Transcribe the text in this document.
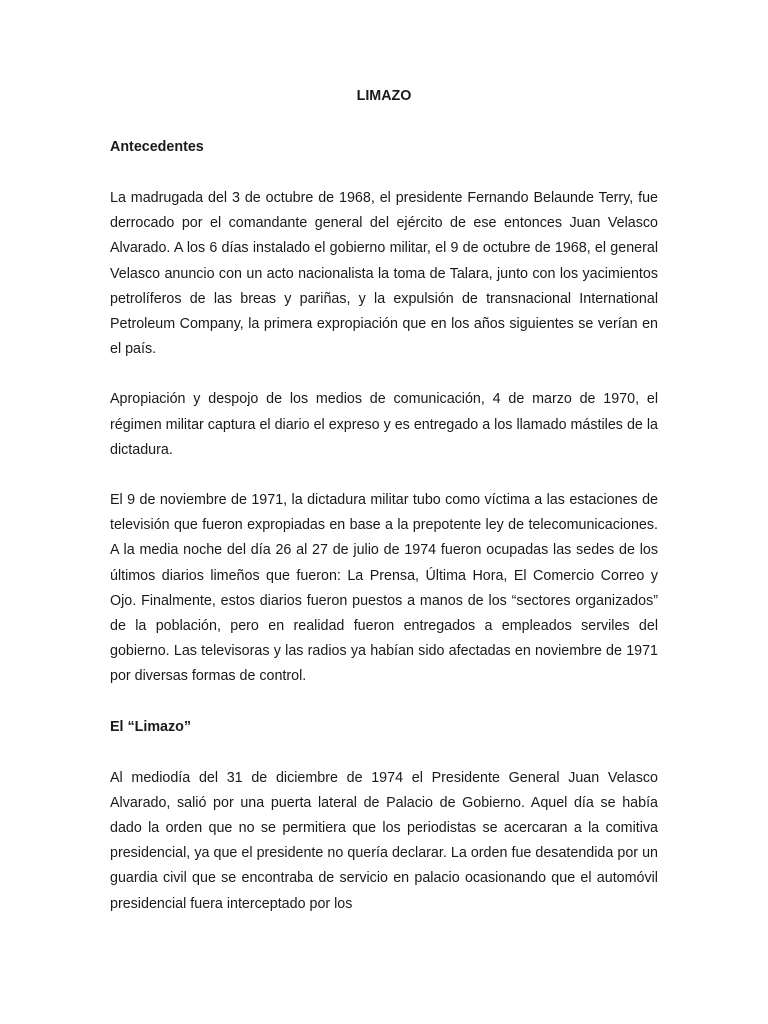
LIMAZO
Antecedentes

La madrugada del 3 de octubre de 1968, el presidente Fernando Belaunde Terry, fue derrocado por el comandante general del ejército de ese entonces Juan Velasco Alvarado. A los 6 días instalado el gobierno militar, el 9 de octubre de 1968, el general Velasco anuncio con un acto nacionalista la toma de Talara, junto con los yacimientos petrolíferos de las breas y pariñas, y la expulsión de transnacional International Petroleum Company, la primera expropiación que en los años siguientes se verían en el país.

Apropiación y despojo de los medios de comunicación, 4 de marzo de 1970, el régimen militar captura el diario el expreso y es entregado a los llamado mástiles de la dictadura.

El 9 de noviembre de 1971, la dictadura militar tubo como víctima a las estaciones de televisión que fueron expropiadas en base a la prepotente ley de telecomunicaciones. A la media noche del día 26 al 27 de julio de 1974 fueron ocupadas las sedes de los últimos diarios limeños que fueron: La Prensa, Última Hora, El Comercio Correo y Ojo. Finalmente, estos diarios fueron puestos a manos de los “sectores organizados” de la población, pero en realidad fueron entregados a empleados serviles del gobierno. Las televisoras y las radios ya habían sido afectadas en noviembre de 1971 por diversas formas de control.

El “Limazo”

Al mediodía del 31 de diciembre de 1974 el Presidente General Juan Velasco Alvarado, salió por una puerta lateral de Palacio de Gobierno. Aquel día se había dado la orden que no se permitiera que los periodistas se acercaran a la comitiva presidencial, ya que el presidente no quería declarar. La orden fue desatendida por un guardia civil que se encontraba de servicio en palacio ocasionando que el automóvil presidencial fuera interceptado por los
